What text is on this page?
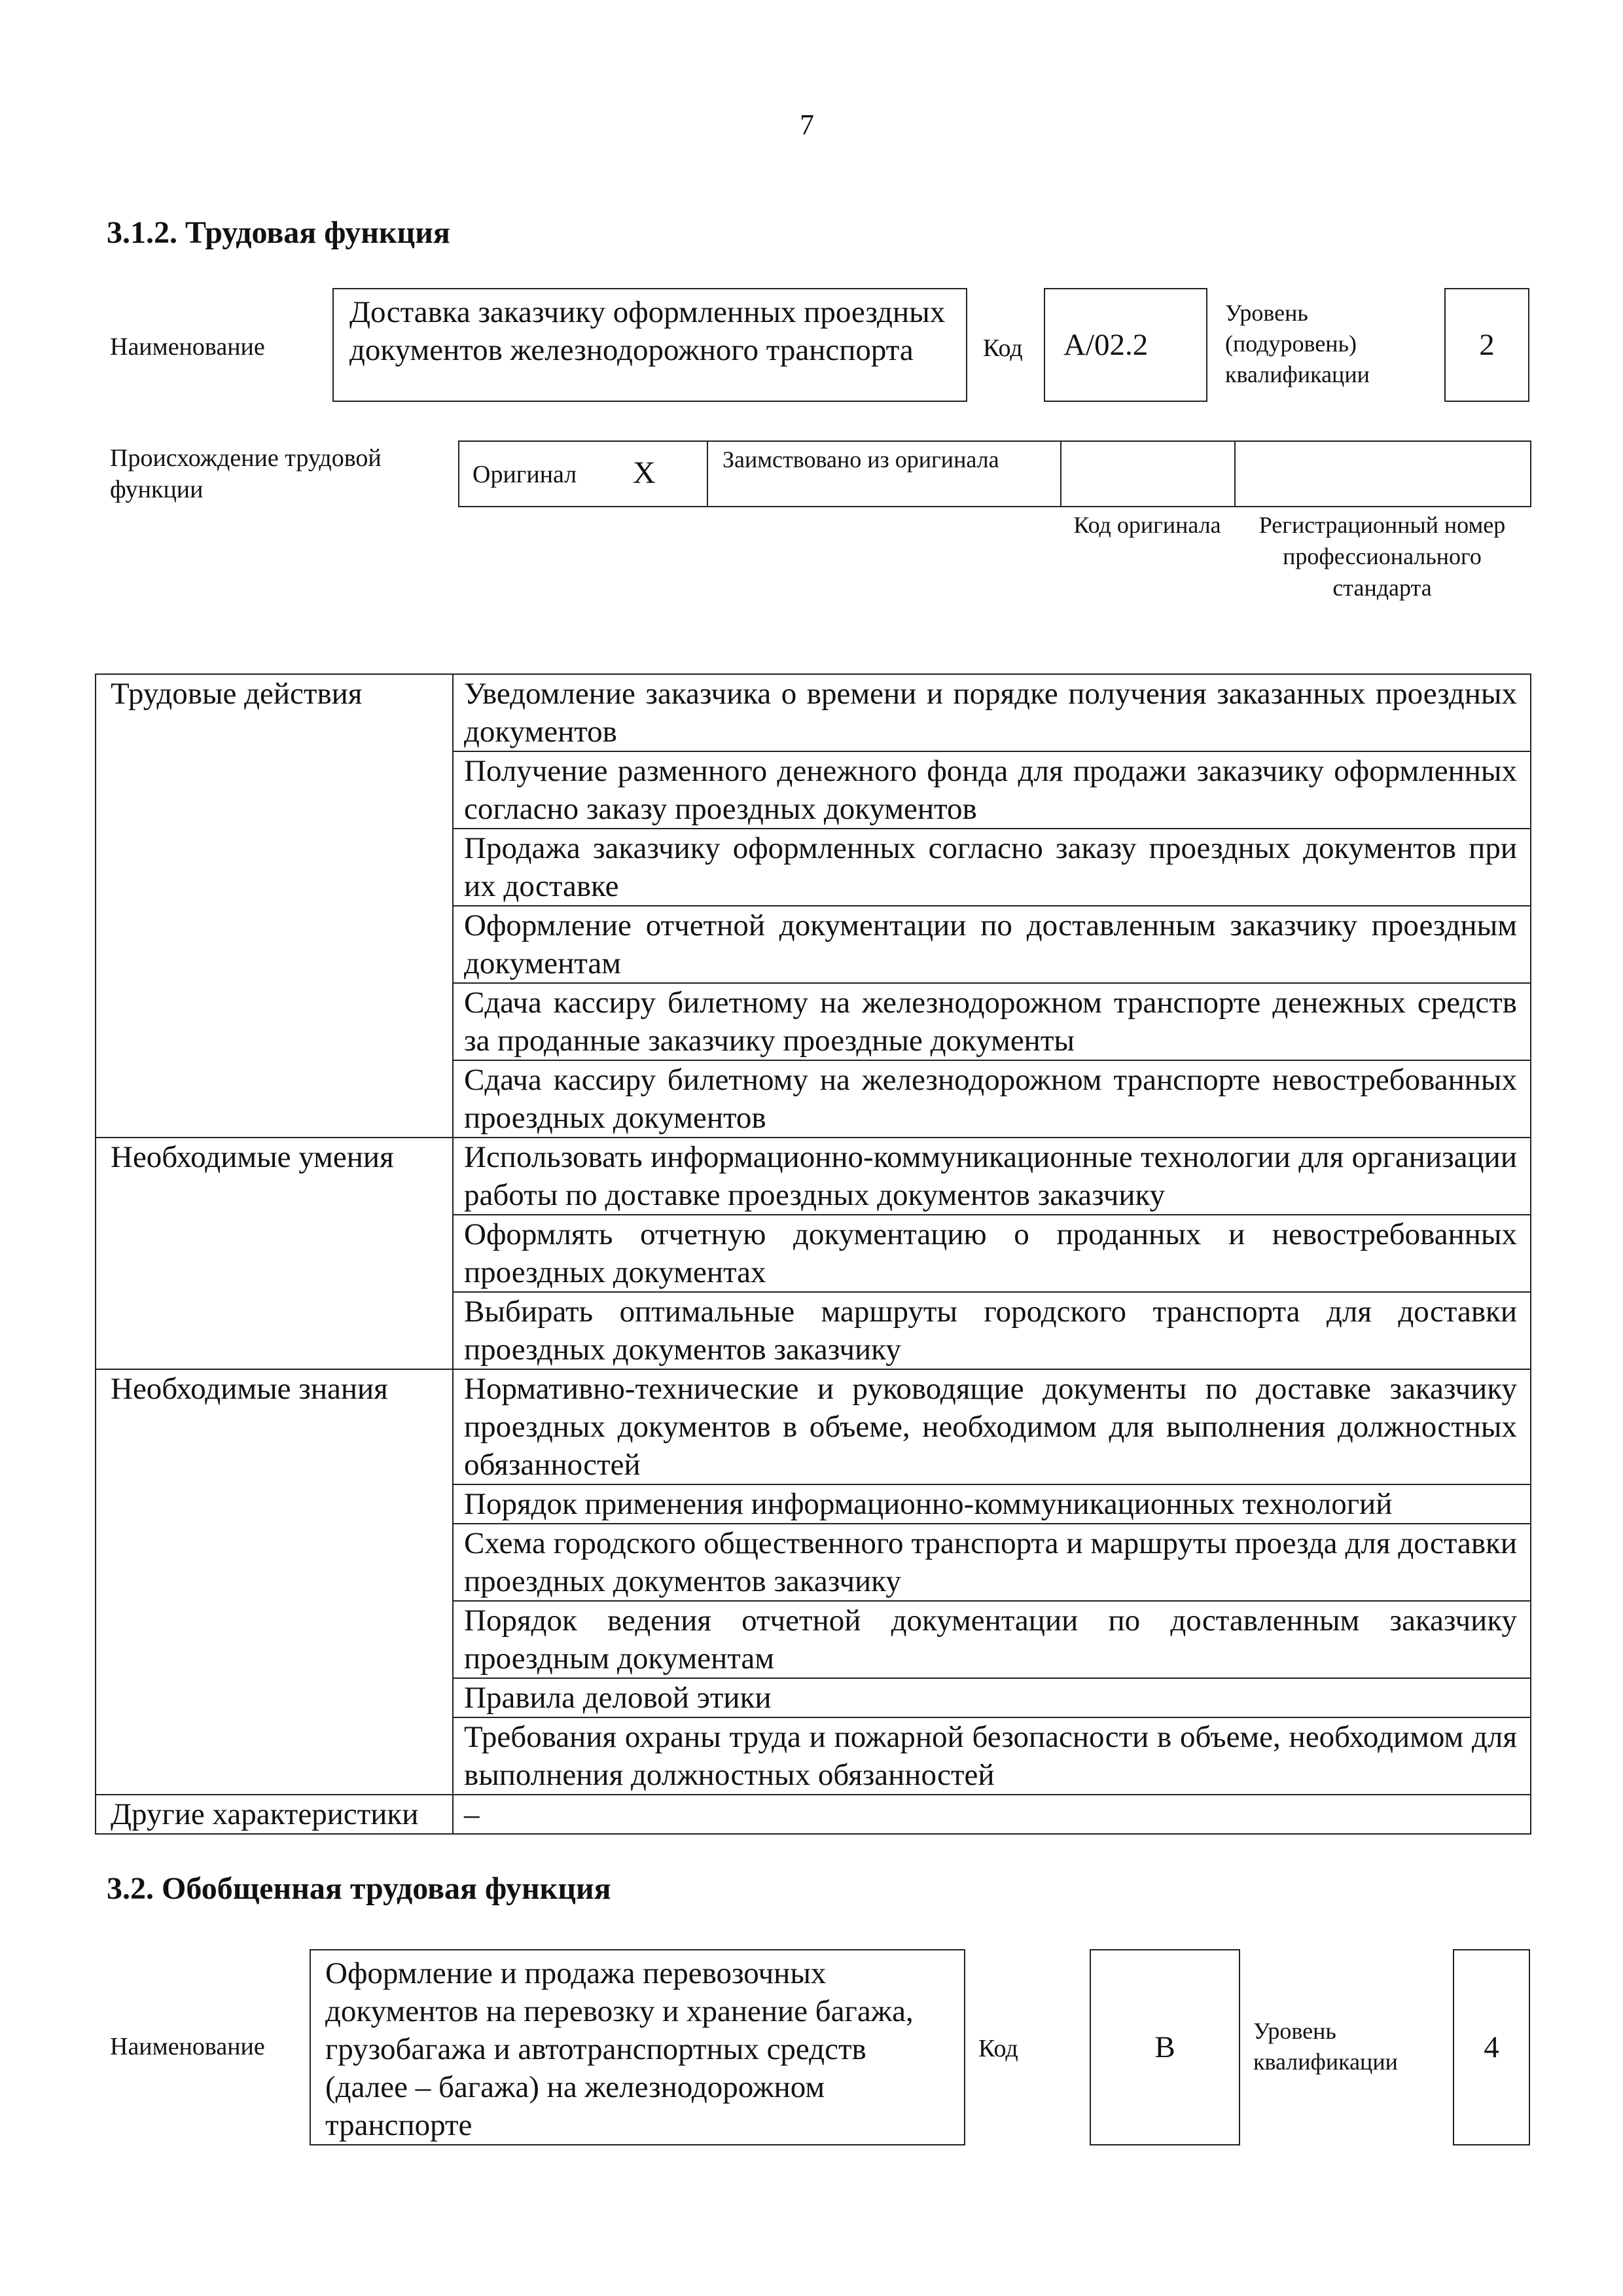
7
3.1.2. Трудовая функция
Наименование
Доставка заказчику оформленных проездных документов железнодорожного транспорта	Код А/02.2
Уровень (подуровень) квалификации
2
Происхождение трудовой функции
Оригинал Х	Заимствовано из оригинала
Код оригинала	Регистрационный номер профессионального стандарта
Трудовые действия	Уведомление заказчика о времени и порядке получения заказанных проездных документов
	Получение разменного денежного фонда для продажи заказчику оформленных согласно заказу проездных документов
	Продажа заказчику оформленных согласно заказу проездных документов при их доставке
	Оформление отчетной документации по доставленным заказчику проездным документам
	Сдача кассиру билетному на железнодорожном транспорте денежных средств за проданные заказчику проездные документы
	Сдача кассиру билетному на железнодорожном транспорте невостребованных проездных документов
Необходимые умения	Использовать информационно-коммуникационные технологии для организации работы по доставке проездных документов заказчику
	Оформлять отчетную документацию о проданных и невостребованных проездных документах
	Выбирать оптимальные маршруты городского транспорта для доставки проездных документов заказчику
Необходимые знания	Нормативно-технические и руководящие документы по доставке заказчику проездных документов в объеме, необходимом для выполнения должностных обязанностей
	Порядок применения информационно-коммуникационных технологий
	Схема городского общественного транспорта и маршруты проезда для доставки проездных документов заказчику
	Порядок ведения отчетной документации по доставленным заказчику проездным документам
	Правила деловой этики
	Требования охраны труда и пожарной безопасности в объеме, необходимом для выполнения должностных обязанностей
Другие характеристики	–
3.2. Обобщенная трудовая функция
Наименование
Оформление и продажа перевозочных документов на перевозку и хранение багажа, грузобагажа и автотранспортных средств (далее – багажа) на железнодорожном транспорте
Код	В	Уровень квалификации	4
